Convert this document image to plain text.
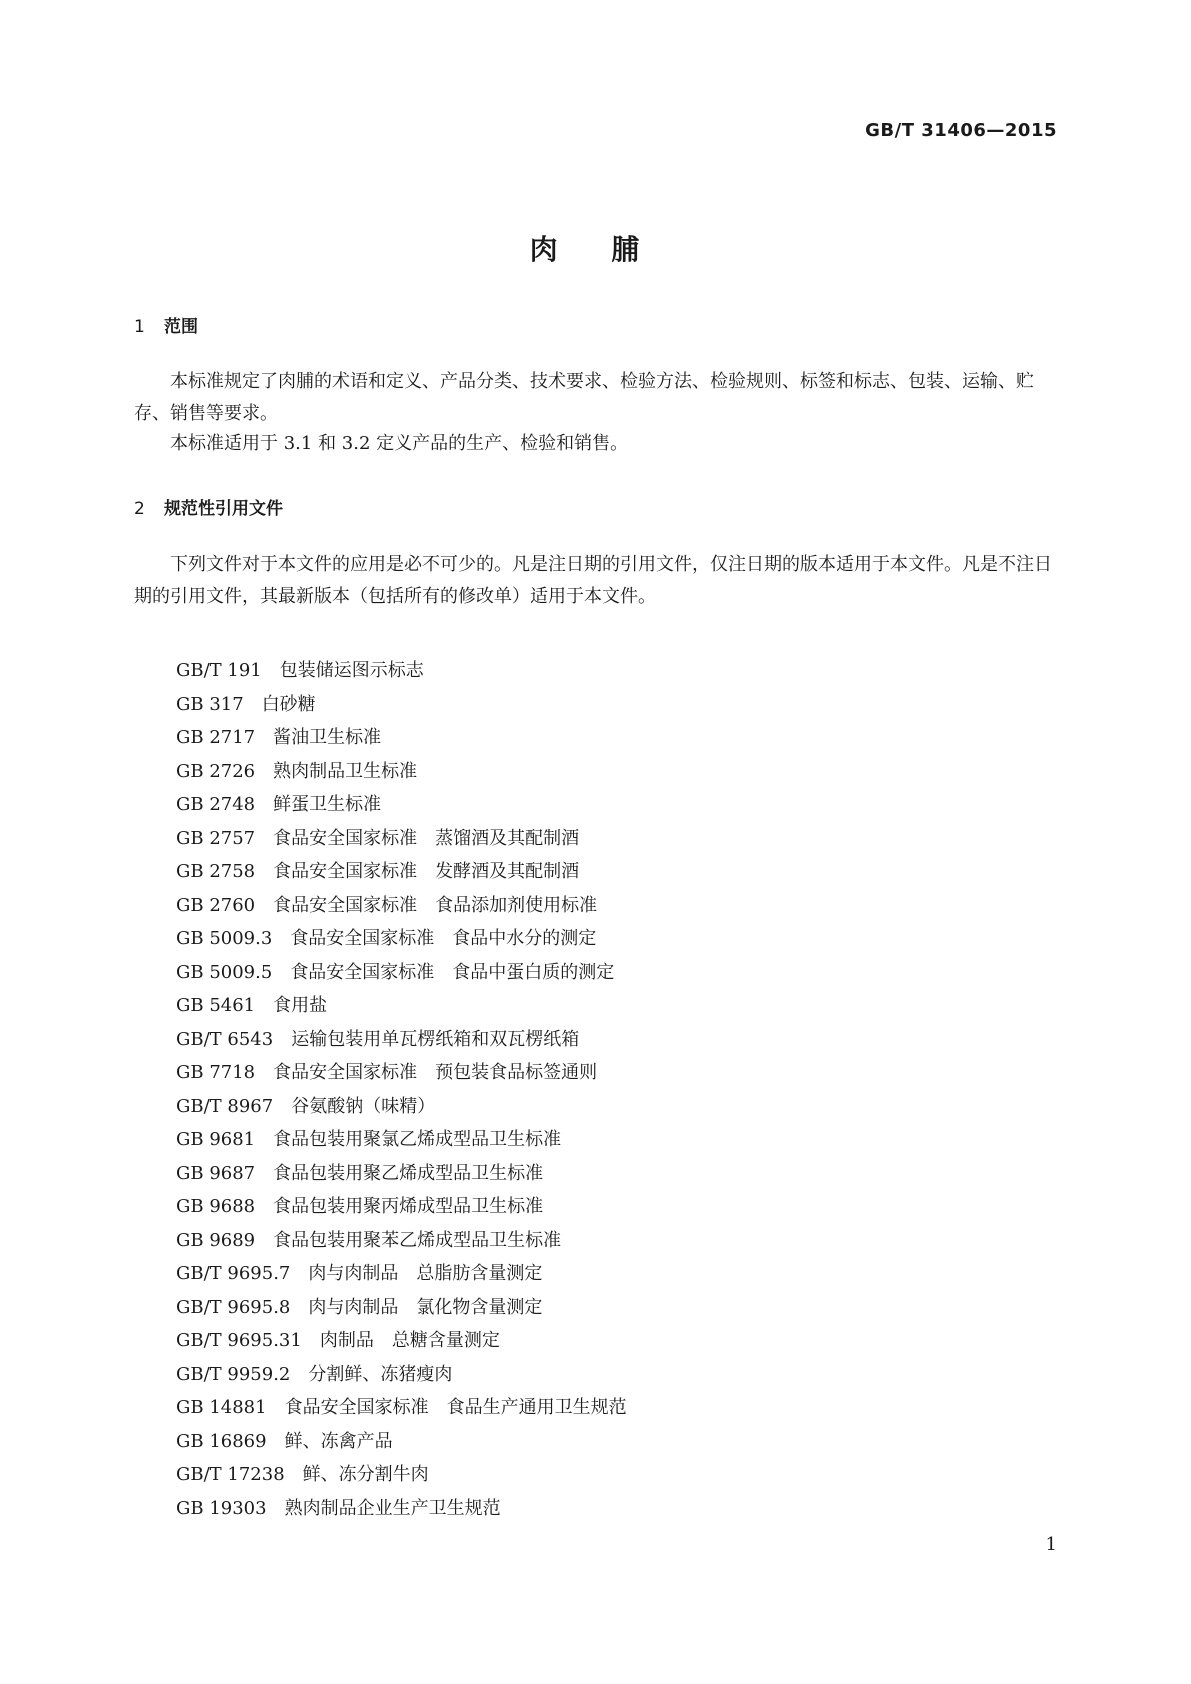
GB/T 31406—2015
肉 脯
1 范围

本标准规定了肉脯的术语和定义、产品分类、技术要求、检验方法、检验规则、标签和标志、包装、运输、贮存、销售等要求。

本标准适用于 3.1 和 3.2 定义产品的生产、检验和销售。

2 规范性引用文件

下列文件对于本文件的应用是必不可少的。凡是注日期的引用文件，仅注日期的版本适用于本文件。凡是不注日期的引用文件，其最新版本（包括所有的修改单）适用于本文件。

GB/T 191 包装储运图示标志
GB 317 白砂糖
GB 2717 酱油卫生标准
GB 2726 熟肉制品卫生标准
GB 2748 鲜蛋卫生标准
GB 2757 食品安全国家标准　蒸馏酒及其配制酒
GB 2758 食品安全国家标准　发酵酒及其配制酒
GB 2760 食品安全国家标准　食品添加剂使用标准
GB 5009.3 食品安全国家标准　食品中水分的测定
GB 5009.5 食品安全国家标准　食品中蛋白质的测定
GB 5461 食用盐
GB/T 6543 运输包装用单瓦楞纸箱和双瓦楞纸箱
GB 7718 食品安全国家标准　预包装食品标签通则
GB/T 8967 谷氨酸钠（味精）
GB 9681 食品包装用聚氯乙烯成型品卫生标准
GB 9687 食品包装用聚乙烯成型品卫生标准
GB 9688 食品包装用聚丙烯成型品卫生标准
GB 9689 食品包装用聚苯乙烯成型品卫生标准
GB/T 9695.7 肉与肉制品　总脂肪含量测定
GB/T 9695.8 肉与肉制品　氯化物含量测定
GB/T 9695.31 肉制品　总糖含量测定
GB/T 9959.2 分割鲜、冻猪瘦肉
GB 14881 食品安全国家标准　食品生产通用卫生规范
GB 16869 鲜、冻禽产品
GB/T 17238 鲜、冻分割牛肉
GB 19303 熟肉制品企业生产卫生规范
1
